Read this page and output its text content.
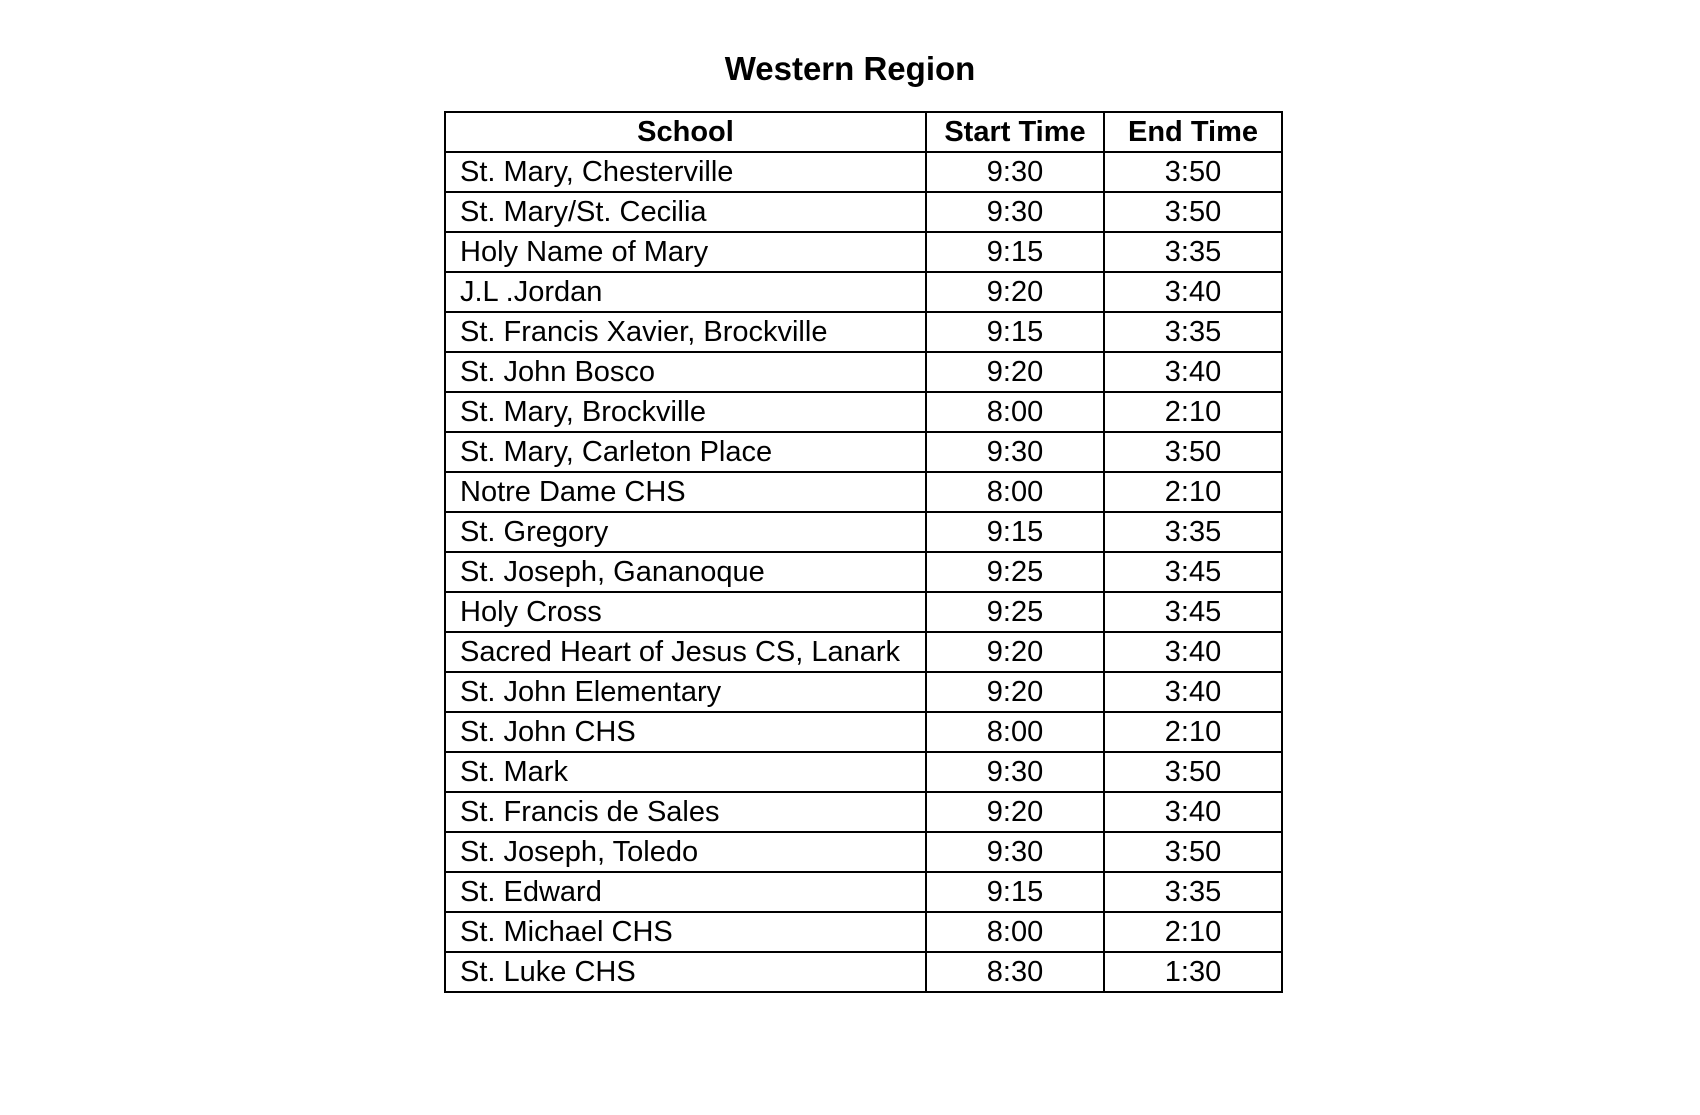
Western Region
School	Start Time	End Time
St. Mary, Chesterville	9:30	3:50
St. Mary/St. Cecilia	9:30	3:50
Holy Name of Mary	9:15	3:35
J.L .Jordan	9:20	3:40
St. Francis Xavier, Brockville	9:15	3:35
St. John Bosco	9:20	3:40
St. Mary, Brockville	8:00	2:10
St. Mary, Carleton Place	9:30	3:50
Notre Dame CHS	8:00	2:10
St. Gregory	9:15	3:35
St. Joseph, Gananoque	9:25	3:45
Holy Cross	9:25	3:45
Sacred Heart of Jesus CS, Lanark	9:20	3:40
St. John Elementary	9:20	3:40
St. John CHS	8:00	2:10
St. Mark	9:30	3:50
St. Francis de Sales	9:20	3:40
St. Joseph, Toledo	9:30	3:50
St. Edward	9:15	3:35
St. Michael CHS	8:00	2:10
St. Luke CHS	8:30	1:30
